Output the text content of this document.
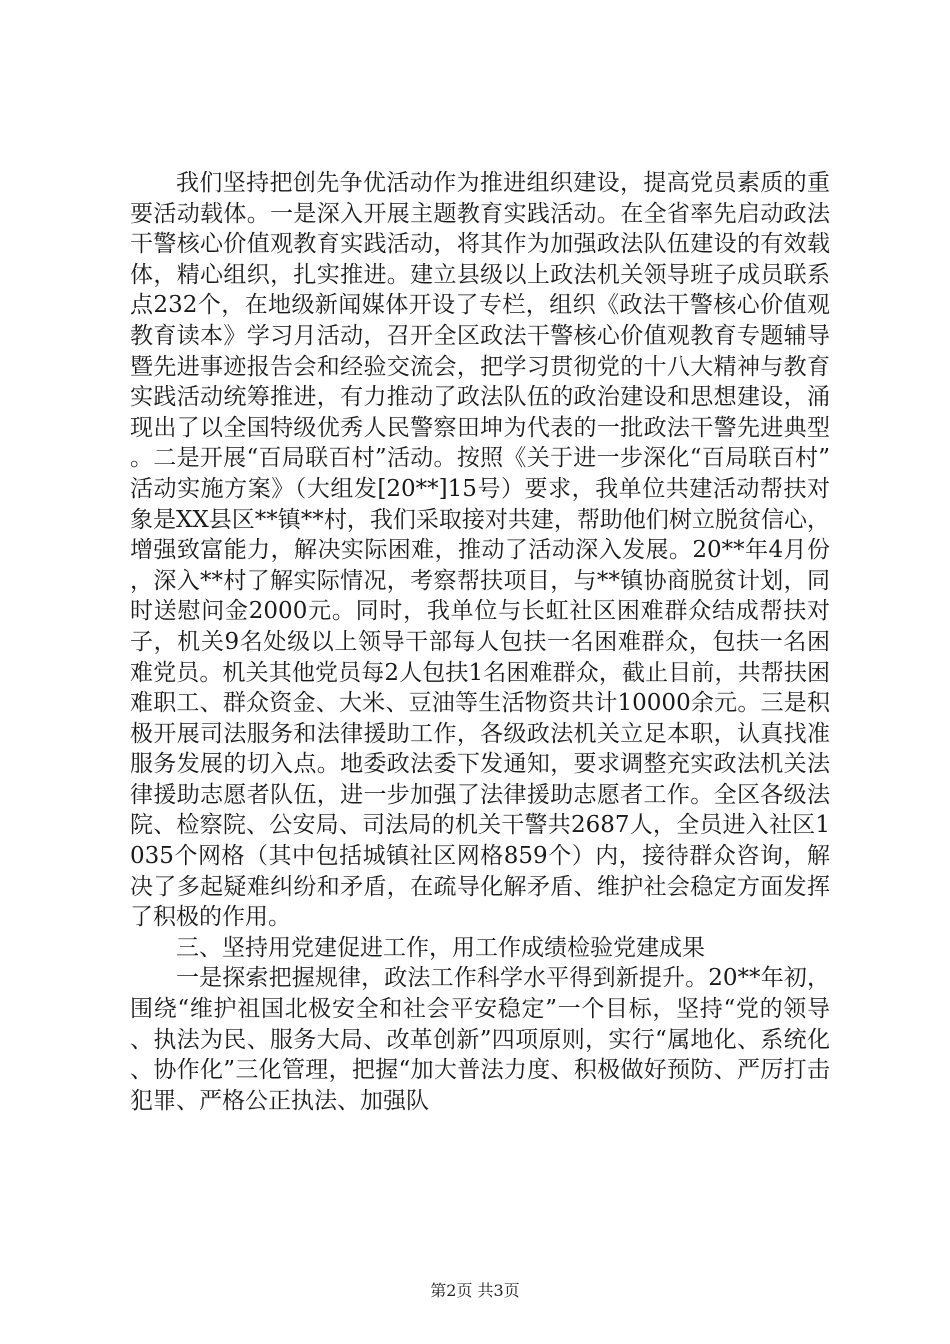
我们坚持把创先争优活动作为推进组织建设，提高党员素质的重要活动载体。一是深入开展主题教育实践活动。在全省率先启动政法干警核心价值观教育实践活动，将其作为加强政法队伍建设的有效载体，精心组织，扎实推进。建立县级以上政法机关领导班子成员联系点232个，在地级新闻媒体开设了专栏，组织《政法干警核心价值观教育读本》学习月活动，召开全区政法干警核心价值观教育专题辅导暨先进事迹报告会和经验交流会，把学习贯彻党的十八大精神与教育实践活动统筹推进，有力推动了政法队伍的政治建设和思想建设，涌现出了以全国特级优秀人民警察田坤为代表的一批政法干警先进典型。二是开展“百局联百村”活动。按照《关于进一步深化“百局联百村”活动实施方案》（大组发[20**]15号）要求，我单位共建活动帮扶对象是XX县区**镇**村，我们采取接对共建，帮助他们树立脱贫信心，增强致富能力，解决实际困难，推动了活动深入发展。20**年4月份，深入**村了解实际情况，考察帮扶项目，与**镇协商脱贫计划，同时送慰问金2000元。同时，我单位与长虹社区困难群众结成帮扶对子，机关9名处级以上领导干部每人包扶一名困难群众，包扶一名困难党员。机关其他党员每2人包扶1名困难群众，截止目前，共帮扶困难职工、群众资金、大米、豆油等生活物资共计10000余元。三是积极开展司法服务和法律援助工作，各级政法机关立足本职，认真找准服务发展的切入点。地委政法委下发通知，要求调整充实政法机关法律援助志愿者队伍，进一步加强了法律援助志愿者工作。全区各级法院、检察院、公安局、司法局的机关干警共2687人，全员进入社区1035个网格（其中包括城镇社区网格859个）内，接待群众咨询，解决了多起疑难纠纷和矛盾，在疏导化解矛盾、维护社会稳定方面发挥了积极的作用。

三、坚持用党建促进工作，用工作成绩检验党建成果

一是探索把握规律，政法工作科学水平得到新提升。20**年初，围绕“维护祖国北极安全和社会平安稳定”一个目标，坚持“党的领导、执法为民、服务大局、改革创新”四项原则，实行“属地化、系统化、协作化”三化管理，把握“加大普法力度、积极做好预防、严厉打击犯罪、严格公正执法、加强队

第2页 共3页
